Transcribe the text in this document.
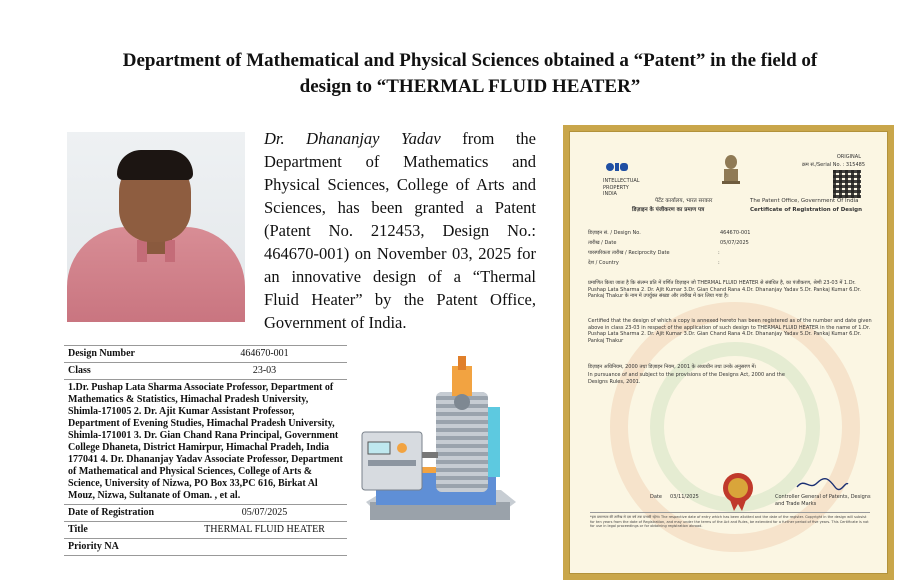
Department of Mathematical and Physical Sciences obtained a “Patent” in the field of
design to “THERMAL FLUID HEATER”

Dr. Dhananjay Yadav from the Department of Mathematics and Physical Sciences, College of Arts and Sciences, has been granted a Patent (Patent No. 212453, Design No.: 464670-001) on November 03, 2025 for an innovative design of a “Thermal Fluid Heater” by the Patent Office, Government of India.

Design Number	464670-001
Class	23-03
1.Dr. Pushap Lata Sharma Associate Professor, Department of Mathematics & Statistics, Himachal Pradesh University, Shimla-171005 2. Dr. Ajit Kumar Assistant Professor, Department of Evening Studies, Himachal Pradesh University, Shimla-171001 3. Dr. Gian Chand Rana Principal, Government College Dhaneta, District Hamirpur, Himachal Pradeh, India 177041 4. Dr. Dhananjay Yadav Associate Professor, Department of Mathematical and Physical Sciences, College of Arts & Science, University of Nizwa, PO Box 33,PC 616, Birkat Al Mouz, Nizwa, Sultanate of Oman. , et al.	
Date of Registration	05/07/2025
Title	THERMAL FLUID HEATER
Priority NA	
INTELLECTUAL PROPERTY INDIA
ORIGINAL
क्रम सं./Serial No. : 315485
पेटेंट कार्यालय, भारत सरकार	The Patent Office, Government Of India
डिज़ाइन के पंजीकरण का प्रमाण पत्र	Certificate of Registration of Design
डिज़ाइन सं. / Design No.	464670-001
तारीख / Date	05/07/2025
पारस्परिकता तारीख / Reciprocity Date	:
देश / Country	:
प्रमाणित किया जाता है कि संलग्न प्रति में वर्णित डिज़ाइन जो THERMAL FLUID HEATER से संबंधित है, का पंजीकरण, श्रेणी 23-03 में 1.Dr. Pushap Lata Sharma 2. Dr. Ajit Kumar 3.Dr. Gian Chand Rana 4.Dr. Dhananjay Yadav 5.Dr. Pankaj Kumar 6.Dr. Pankaj Thakur के नाम में उपर्युक्त संख्या और तारीख में कर लिया गया है।
Certified that the design of which a copy is annexed hereto has been registered as of the number and date given above in class 23-03 in respect of the application of such design to THERMAL FLUID HEATER in the name of 1.Dr. Pushap Lata Sharma 2. Dr. Ajit Kumar 3.Dr. Gian Chand Rana 4.Dr. Dhananjay Yadav 5.Dr. Pankaj Kumar 6.Dr. Pankaj Thakur
डिज़ाइन अधिनियम, 2000 तथा डिज़ाइन नियम, 2001 के अध्यधीन तथा उनके अनुसरण में।
In pursuance of and subject to the provisions of the Designs Act, 2000 and the Designs Rules, 2001.
Date 03/11/2025	Controller General of Patents, Designs and Trade Marks
*इस प्रमाणपत्र की तारीख से दस वर्ष तक प्रभावी रहेगा। The respective date of entry which has been allotted and the date of the register. Copyright in the design will subsist for ten years from the date of Registration, and may under the terms of the Act and Rules, be extended for a further period of five years. This Certificate is not for use in legal proceedings or for obtaining registration abroad.
